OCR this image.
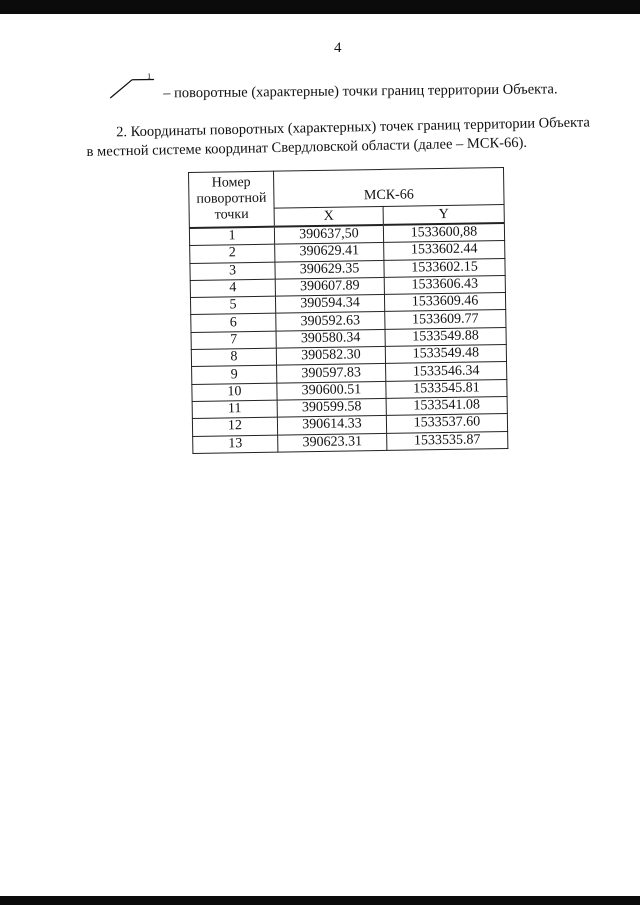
4
1
– поворотные (характерные) точки границ территории Объекта.
2. Координаты поворотных (характерных) точек границ территории Объекта
в местной системе координат Свердловской области (далее – МСК-66).
Номер
поворотной
точки	МСК-66	
	X	Y
1	390637,50	1533600,88
2	390629.41	1533602.44
3	390629.35	1533602.15
4	390607.89	1533606.43
5	390594.34	1533609.46
6	390592.63	1533609.77
7	390580.34	1533549.88
8	390582.30	1533549.48
9	390597.83	1533546.34
10	390600.51	1533545.81
11	390599.58	1533541.08
12	390614.33	1533537.60
13	390623.31	1533535.87
